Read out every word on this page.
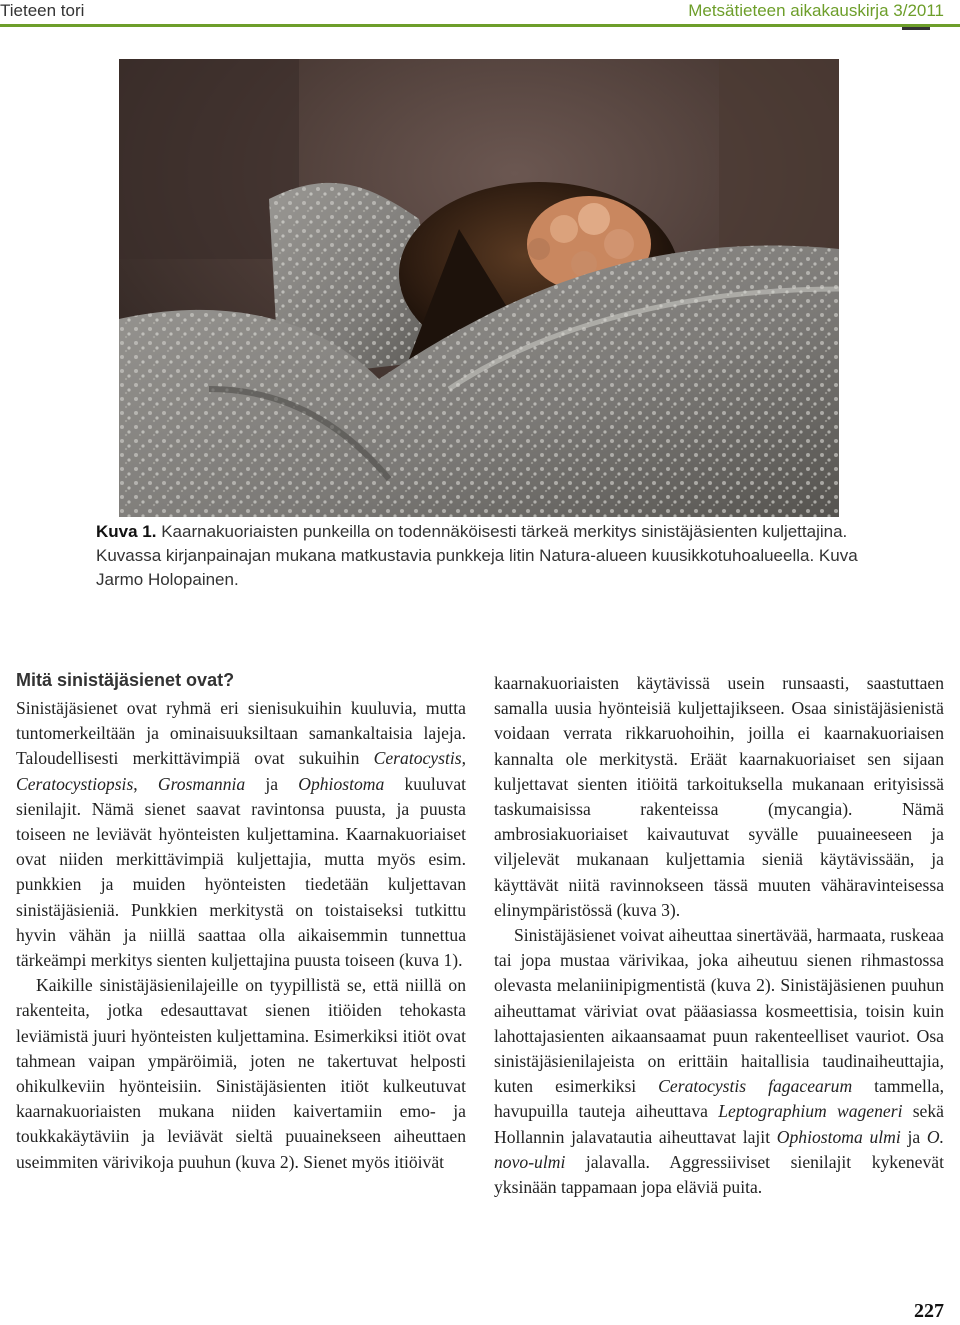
Tieteen tori	Metsätieteen aikakauskirja 3/2011
Kuva 1. Kaarnakuoriaisten punkeilla on todennäköisesti tärkeä merkitys sinistäjäsienten kuljettajina. Kuvassa kirjanpainajan mukana matkustavia punkkeja litin Natura-alueen kuusikkotuhoalueella. Kuva Jarmo Holopainen.
Mitä sinistäjäsienet ovat?

Sinistäjäsienet ovat ryhmä eri sienisukuihin kuuluvia, mutta tuntomerkeiltään ja ominaisuuksiltaan samankaltaisia lajeja. Taloudellisesti merkittävimpiä ovat sukuihin Ceratocystis, Ceratocystiopsis, Grosmannia ja Ophiostoma kuuluvat sienilajit. Nämä sienet saavat ravintonsa puusta, ja puusta toiseen ne leviävät hyönteisten kuljettamina. Kaarnakuoriaiset ovat niiden merkittävimpiä kuljettajia, mutta myös esim. punkkien ja muiden hyönteisten tiedetään kuljettavan sinistäjäsieniä. Punkkien merkitystä on toistaiseksi tutkittu hyvin vähän ja niillä saattaa olla aikaisemmin tunnettua tärkeämpi merkitys sienten kuljettajina puusta toiseen (kuva 1).

Kaikille sinistäjäsienilajeille on tyypillistä se, että niillä on rakenteita, jotka edesauttavat sienen itiöiden tehokasta leviämistä juuri hyönteisten kuljettamina. Esimerkiksi itiöt ovat tahmean vaipan ympäröimiä, joten ne takertuvat helposti ohikulkeviin hyönteisiin. Sinistäjäsienten itiöt kulkeutuvat kaarnakuoriaisten mukana niiden kaivertamiin emo- ja toukkakäytäviin ja leviävät sieltä puuainekseen aiheuttaen useimmiten värivikoja puuhun (kuva 2). Sienet myös itiöivät

kaarnakuoriaisten käytävissä usein runsaasti, saastuttaen samalla uusia hyönteisiä kuljettajikseen. Osaa sinistäjäsienistä voidaan verrata rikkaruohoihin, joilla ei kaarnakuoriaisen kannalta ole merkitystä. Eräät kaarnakuoriaiset sen sijaan kuljettavat sienten itiöitä tarkoituksella mukanaan erityisissä taskumaisissa rakenteissa (mycangia). Nämä ambrosiakuoriaiset kaivautuvat syvälle puuaineeseen ja viljelevät mukanaan kuljettamia sieniä käytävissään, ja käyttävät niitä ravinnokseen tässä muuten vähäravinteisessa elinympäristössä (kuva 3).

Sinistäjäsienet voivat aiheuttaa sinertävää, harmaata, ruskeaa tai jopa mustaa värivikaa, joka aiheutuu sienen rihmastossa olevasta melaniinipigmentistä (kuva 2). Sinistäjäsienen puuhun aiheuttamat väriviat ovat pääasiassa kosmeettisia, toisin kuin lahottajasienten aikaansaamat puun rakenteelliset vauriot. Osa sinistäjäsienilajeista on erittäin haitallisia taudinaiheuttajia, kuten esimerkiksi Ceratocystis fagacearum tammella, havupuilla tauteja aiheuttava Leptographium wageneri sekä Hollannin jalavatautia aiheuttavat lajit Ophiostoma ulmi ja O. novo-ulmi jalavalla. Aggressiiviset sienilajit kykenevät yksinään tappamaan jopa eläviä puita.

227
